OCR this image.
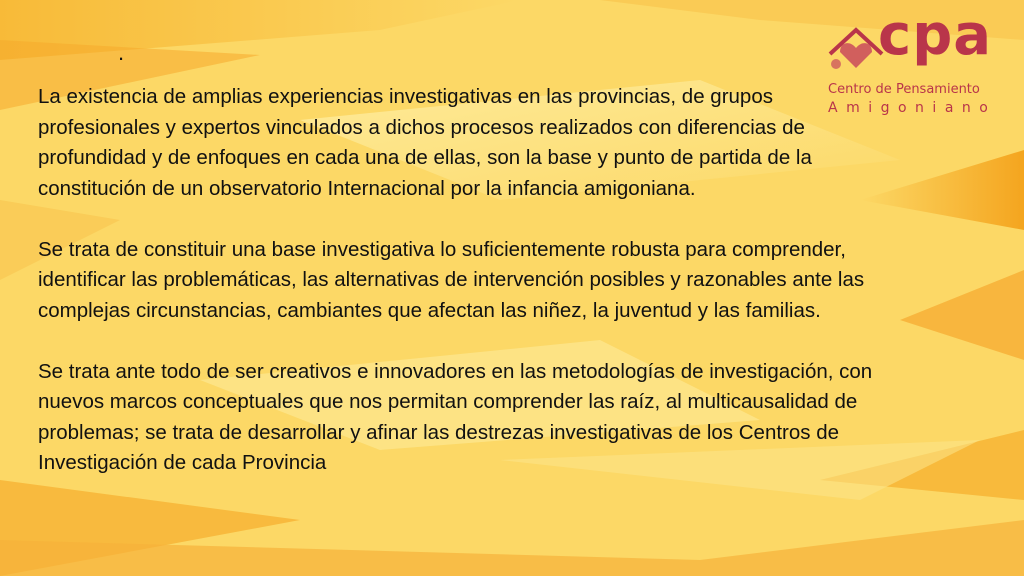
.	cpa
Centro de Pensamiento
Amigoniano

La existencia de amplias experiencias investigativas en las provincias, de grupos profesionales y expertos vinculados a dichos procesos realizados con diferencias de profundidad y de enfoques en cada una de ellas, son la base y punto de partida de la constitución de un observatorio Internacional por la infancia amigoniana.

Se trata de constituir una base investigativa lo suficientemente robusta para comprender, identificar las problemáticas, las alternativas de intervención posibles y razonables ante las complejas circunstancias, cambiantes que afectan las niñez, la juventud y las familias.

Se trata ante todo de ser creativos e innovadores en las metodologías de investigación, con nuevos marcos conceptuales que nos permitan comprender las raíz, al multicausalidad de problemas; se trata de desarrollar y afinar las destrezas investigativas de los Centros de Investigación de cada Provincia
